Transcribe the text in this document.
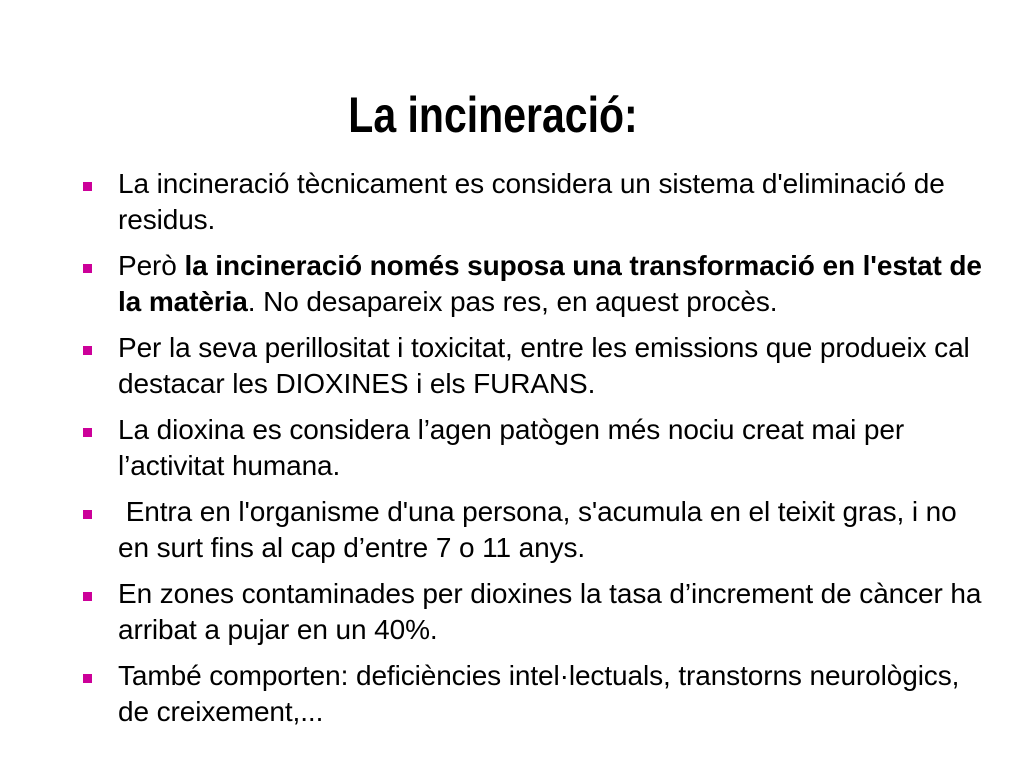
La incineració:
La incineració tècnicament es considera un sistema d'eliminació de residus.
Però la incineració només suposa una transformació en l'estat de la matèria. No desapareix pas res, en aquest procès.
Per la seva perillositat i toxicitat, entre les emissions que produeix cal destacar les DIOXINES i els FURANS.
La dioxina es considera l’agen patògen més nociu creat mai per l’activitat humana.
Entra en l'organisme d'una persona, s'acumula en el teixit gras, i no en surt fins al cap d’entre 7 o 11 anys.
En zones contaminades per dioxines la tasa d’increment de càncer ha arribat a pujar en un 40%.
També comporten: deficiències intel·lectuals, transtorns neurològics, de creixement,...
